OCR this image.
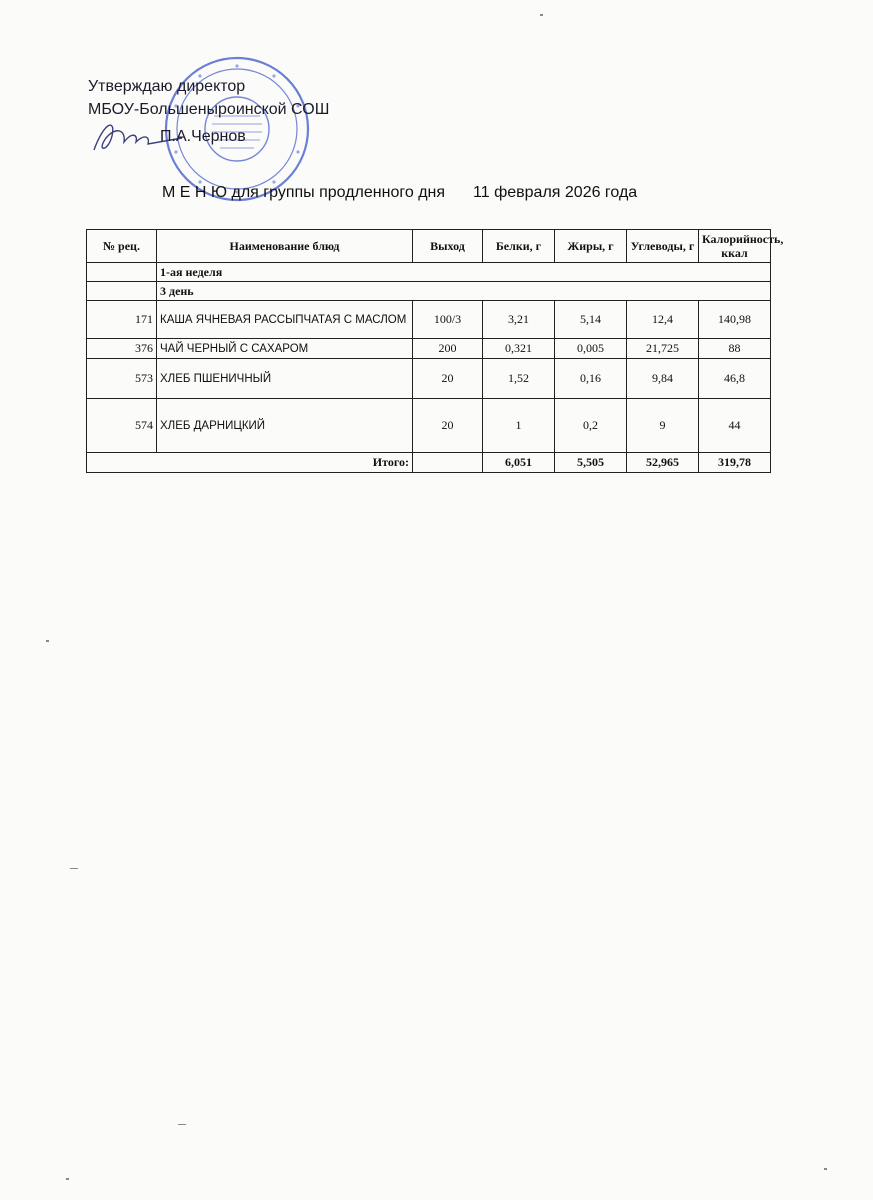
Утверждаю директор
МБОУ-Большеныроинской СОШ
П.А.Чернов
М Е Н Ю для группы продленного дня 11 февраля 2026 года
№ рец.	Наименование блюд	Выход	Белки, г	Жиры, г	Углеводы, г	Калорийность, ккал
	1-ая неделя					
	3 день					
171	КАША ЯЧНЕВАЯ РАССЫПЧАТАЯ С МАСЛОМ	100/3	3,21	5,14	12,4	140,98
376	ЧАЙ ЧЕРНЫЙ С САХАРОМ	200	0,321	0,005	21,725	88
573	ХЛЕБ ПШЕНИЧНЫЙ	20	1,52	0,16	9,84	46,8
574	ХЛЕБ ДАРНИЦКИЙ	20	1	0,2	9	44
Итого:			6,051	5,505	52,965	319,78
